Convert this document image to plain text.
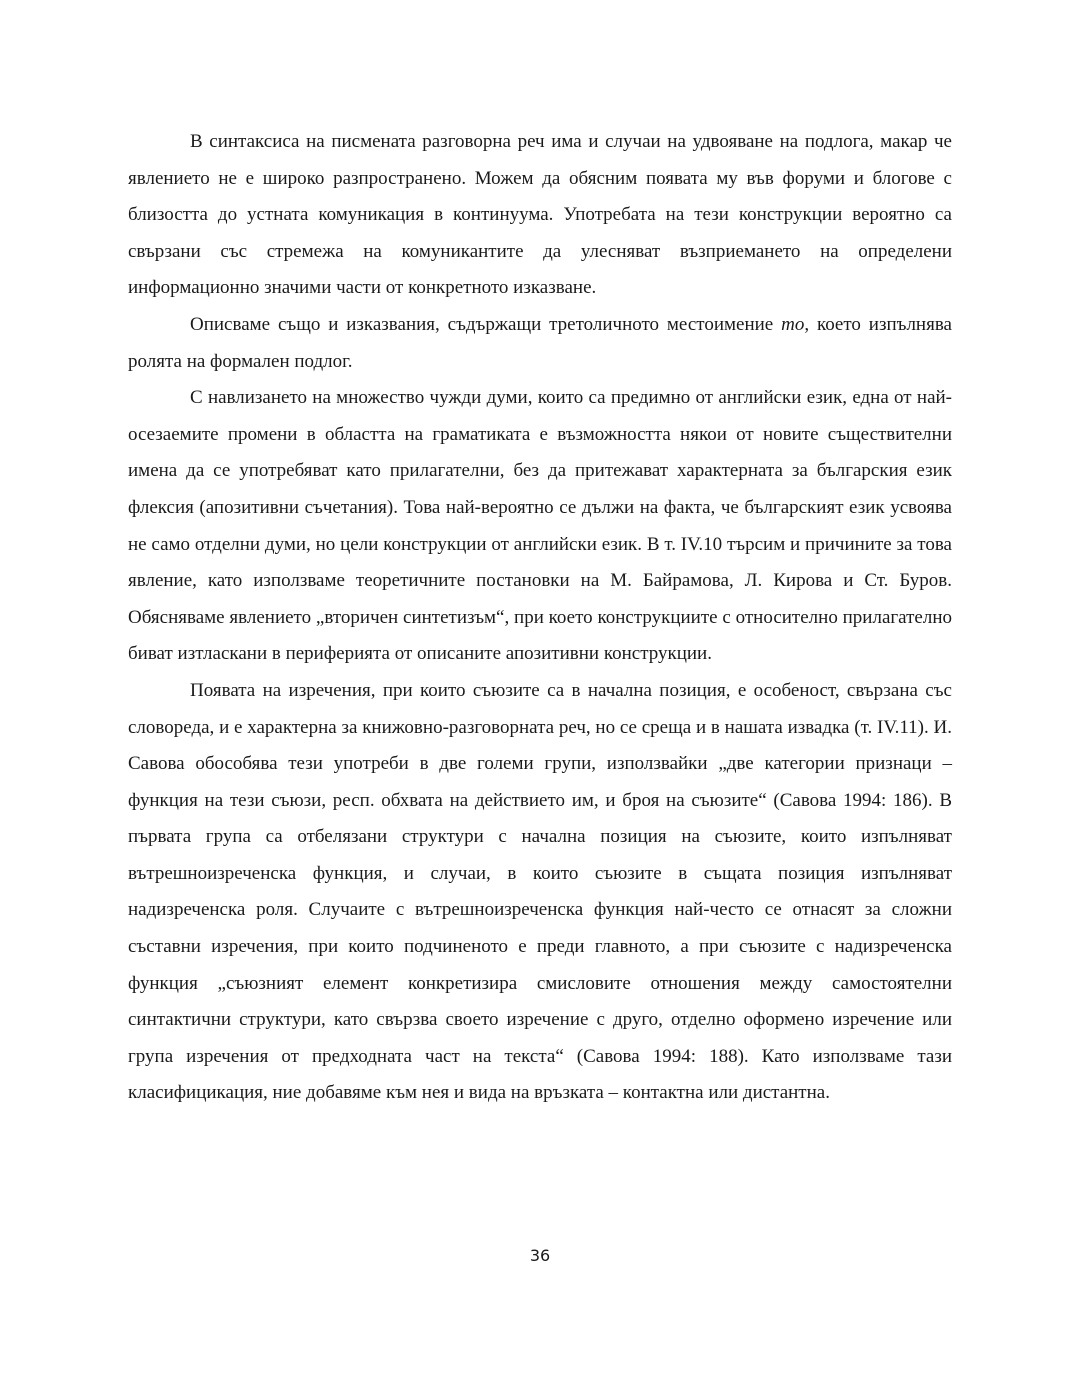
В синтаксиса на писмената разговорна реч има и случаи на удвояване на подлога, макар че явлението не е широко разпространено. Можем да обясним появата му във форуми и блогове с близостта до устната комуникация в континуума. Употребата на тези конструкции вероятно са свързани със стремежа на комуникантите да улесняват възприемането на определени информационно значими части от конкретното изказване.

Описваме също и изказвания, съдържащи третоличното местоимение то, което изпълнява ролята на формален подлог.

С навлизането на множество чужди думи, които са предимно от английски език, една от най-осезаемите промени в областта на граматиката е възможността някои от новите съществителни имена да се употребяват като прилагателни, без да притежават характерната за българския език флексия (апозитивни съчетания). Това най-вероятно се дължи на факта, че българският език усвоява не само отделни думи, но цели конструкции от английски език. В т. IV.10 търсим и причините за това явление, като използваме теоретичните постановки на М. Байрамова, Л. Кирова и Ст. Буров. Обясняваме явлението „вторичен синтетизъм“, при което конструкциите с относително прилагателно биват изтласкани в периферията от описаните апозитивни конструкции.

Появата на изречения, при които съюзите са в начална позиция, е особеност, свързана със словореда, и е характерна за книжовно-разговорната реч, но се среща и в нашата извадка (т. IV.11). И. Савова обособява тези употреби в две големи групи, използвайки „две категории признаци – функция на тези съюзи, респ. обхвата на действието им, и броя на съюзите“ (Савова 1994: 186). В първата група са отбелязани структури с начална позиция на съюзите, които изпълняват вътрешноизреченска функция, и случаи, в които съюзите в същата позиция изпълняват надизреченска роля. Случаите с вътрешноизреченска функция най-често се отнасят за сложни съставни изречения, при които подчиненото е преди главното, а при съюзите с надизреченска функция „съюзният елемент конкретизира смисловите отношения между самостоятелни синтактични структури, като свързва своето изречение с друго, отделно оформено изречение или група изречения от предходната част на текста“ (Савова 1994: 188). Като използваме тази класифицикация, ние добавяме към нея и вида на връзката – контактна или дистантна.

36
